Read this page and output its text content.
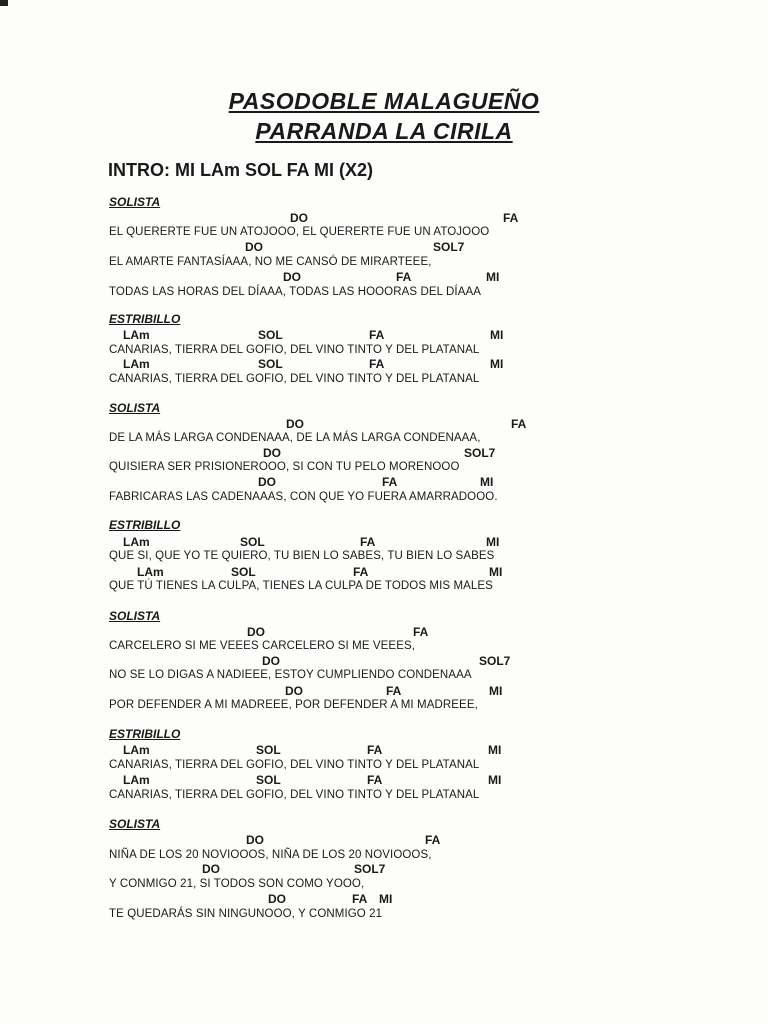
PASODOBLE MALAGUEÑO
PARRANDA LA CIRILA

INTRO: MI LAm SOL FA MI (X2)

SOLISTA
DO	FA
EL QUERERTE FUE UN ATOJOOO, EL QUERERTE FUE UN ATOJOOO
DO	SOL7
EL AMARTE FANTASÍAAA, NO ME CANSÓ DE MIRARTEEE,
DO	FA	MI
TODAS LAS HORAS DEL DÍAAA, TODAS LAS HOOORAS DEL DÍAAA
ESTRIBILLO
LAm	SOL	FA	MI
CANARIAS, TIERRA DEL GOFIO, DEL VINO TINTO Y DEL PLATANAL
LAm	SOL	FA	MI
CANARIAS, TIERRA DEL GOFIO, DEL VINO TINTO Y DEL PLATANAL
SOLISTA
DO	FA
DE LA MÁS LARGA CONDENAAA, DE LA MÁS LARGA CONDENAAA,
DO	SOL7
QUISIERA SER PRISIONEROOO, SI CON TU PELO MORENOOO
DO	FA	MI
FABRICARAS LAS CADENAAAS, CON QUE YO FUERA AMARRADOOO.
ESTRIBILLO
LAm	SOL	FA	MI
QUE SI, QUE YO TE QUIERO, TU BIEN LO SABES, TU BIEN LO SABES
LAm	SOL	FA	MI
QUE TÚ TIENES LA CULPA, TIENES LA CULPA DE TODOS MIS MALES
SOLISTA
DO	FA
CARCELERO SI ME VEEES CARCELERO SI ME VEEES,
DO	SOL7
NO SE LO DIGAS A NADIEEE, ESTOY CUMPLIENDO CONDENAAA
DO	FA	MI
POR DEFENDER A MI MADREEE, POR DEFENDER A MI MADREEE,
ESTRIBILLO
LAm	SOL	FA	MI
CANARIAS, TIERRA DEL GOFIO, DEL VINO TINTO Y DEL PLATANAL
LAm	SOL	FA	MI
CANARIAS, TIERRA DEL GOFIO, DEL VINO TINTO Y DEL PLATANAL
SOLISTA
DO	FA
NIÑA DE LOS 20 NOVIOOOS, NIÑA DE LOS 20 NOVIOOOS,
DO	SOL7
Y CONMIGO 21, SI TODOS SON COMO YOOO,
DO	FA MI
TE QUEDARÁS SIN NINGUNOOO, Y CONMIGO 21
